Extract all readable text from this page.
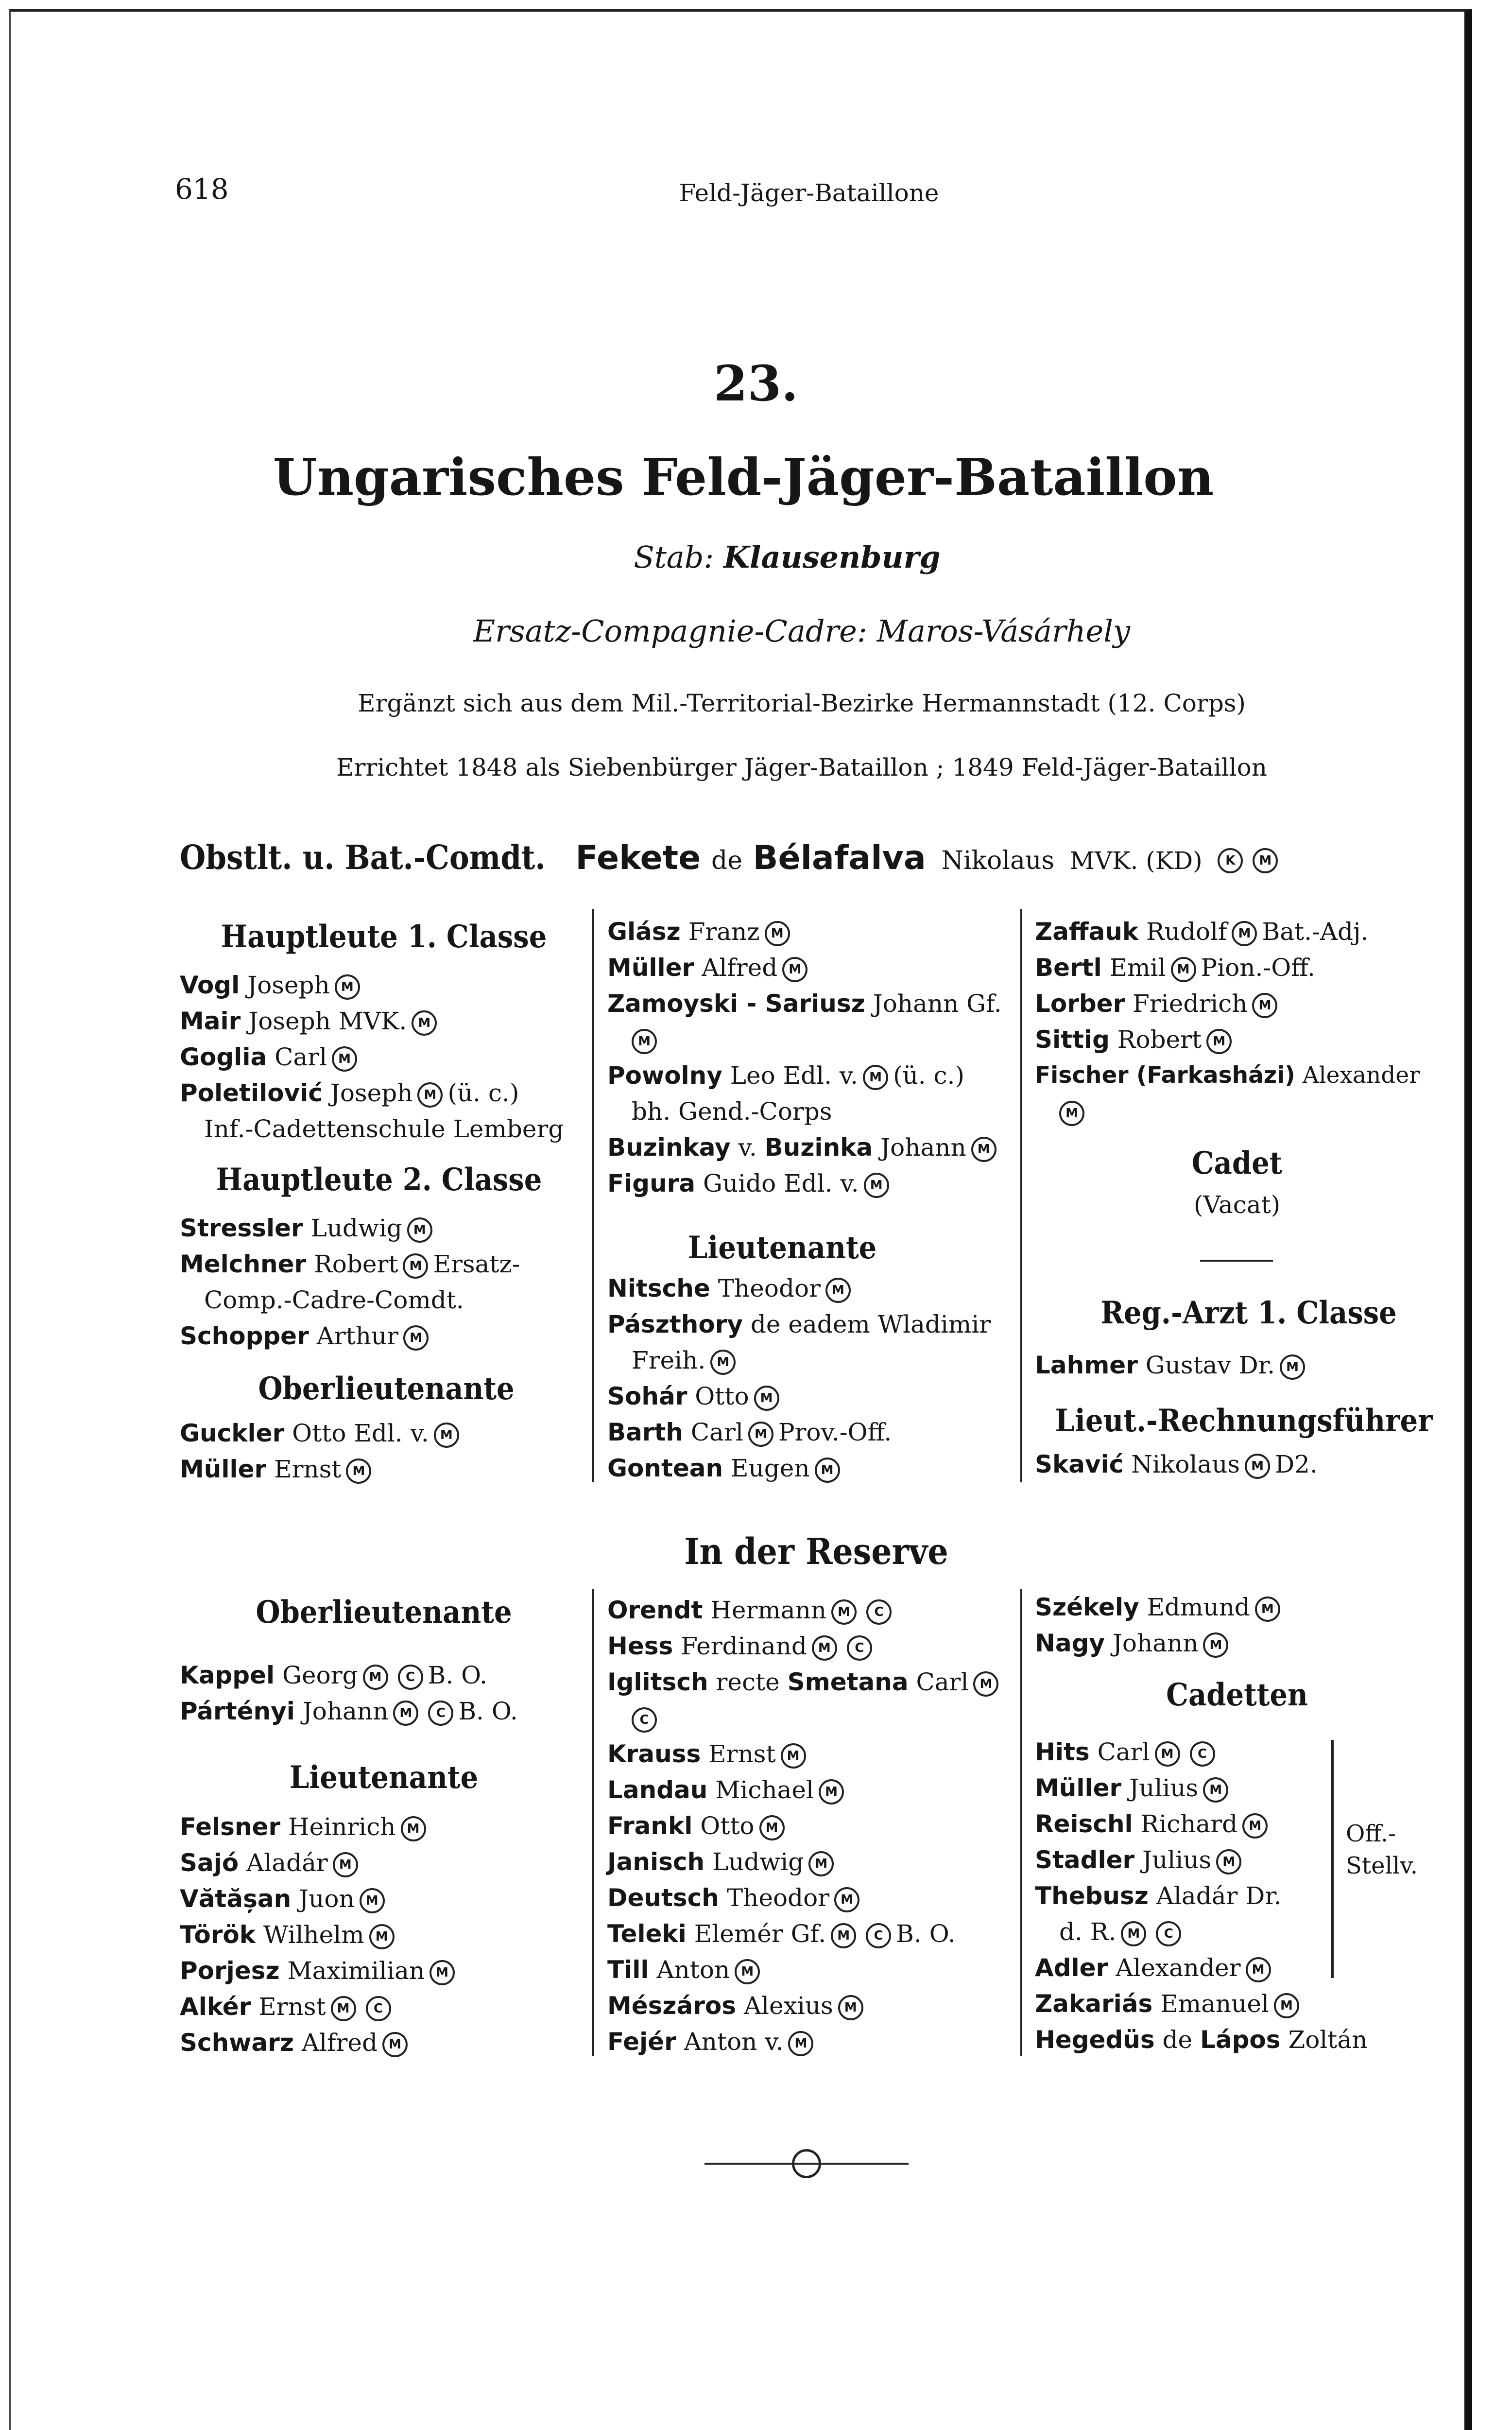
618	Feld-Jäger-Bataillone
23.
Ungarisches Feld-Jäger-Bataillon
Stab: Klausenburg
Ersatz-Compagnie-Cadre: Maros-Vásárhely
Ergänzt sich aus dem Mil.-Territorial-Bezirke Hermannstadt (12. Corps)
Errichtet 1848 als Siebenbürger Jäger-Bataillon ; 1849 Feld-Jäger-Bataillon
Obstlt. u. Bat.-Comdt. Fekete de Bélafalva Nikolaus MVK. (KD) K M
Hauptleute 1. Classe
Vogl Joseph M
Mair Joseph MVK. M
Goglia Carl M
Poletilović Joseph M (ü. c.)
Inf.-Cadettenschule Lemberg
Hauptleute 2. Classe
Stressler Ludwig M
Melchner Robert M Ersatz-
Comp.-Cadre-Comdt.
Schopper Arthur M
Oberlieutenante
Guckler Otto Edl. v. M
Müller Ernst M
Glász Franz M
Müller Alfred M
Zamoyski - Sariusz Johann Gf.
M
Powolny Leo Edl. v. M (ü. c.)
bh. Gend.-Corps
Buzinkay v. Buzinka Johann M
Figura Guido Edl. v. M
Lieutenante
Nitsche Theodor M
Pászthory de eadem Wladimir
Freih. M
Sohár Otto M
Barth Carl M Prov.-Off.
Gontean Eugen M
Zaffauk Rudolf M Bat.-Adj.
Bertl Emil M Pion.-Off.
Lorber Friedrich M
Sittig Robert M
Fischer (Farkasházi) Alexander
M
Cadet
(Vacat)
Reg.-Arzt 1. Classe
Lahmer Gustav Dr. M
Lieut.-Rechnungsführer
Skavić Nikolaus M D2.
In der Reserve
Oberlieutenante
Kappel Georg M C B. O.
Pártényi Johann M C B. O.
Lieutenante
Felsner Heinrich M
Sajó Aladár M
Vătășan Juon M
Török Wilhelm M
Porjesz Maximilian M
Alkér Ernst M C
Schwarz Alfred M
Orendt Hermann M C
Hess Ferdinand M C
Iglitsch recte Smetana Carl M
C
Krauss Ernst M
Landau Michael M
Frankl Otto M
Janisch Ludwig M
Deutsch Theodor M
Teleki Elemér Gf. M C B. O.
Till Anton M
Mészáros Alexius M
Fejér Anton v. M
Székely Edmund M
Nagy Johann M
Cadetten
Hits Carl M C
Müller Julius M
Reischl Richard M
Stadler Julius M
Thebusz Aladár Dr.
d. R. M C
Adler Alexander M
Off.-
Stellv.
Zakariás Emanuel M
Hegedüs de Lápos Zoltán
